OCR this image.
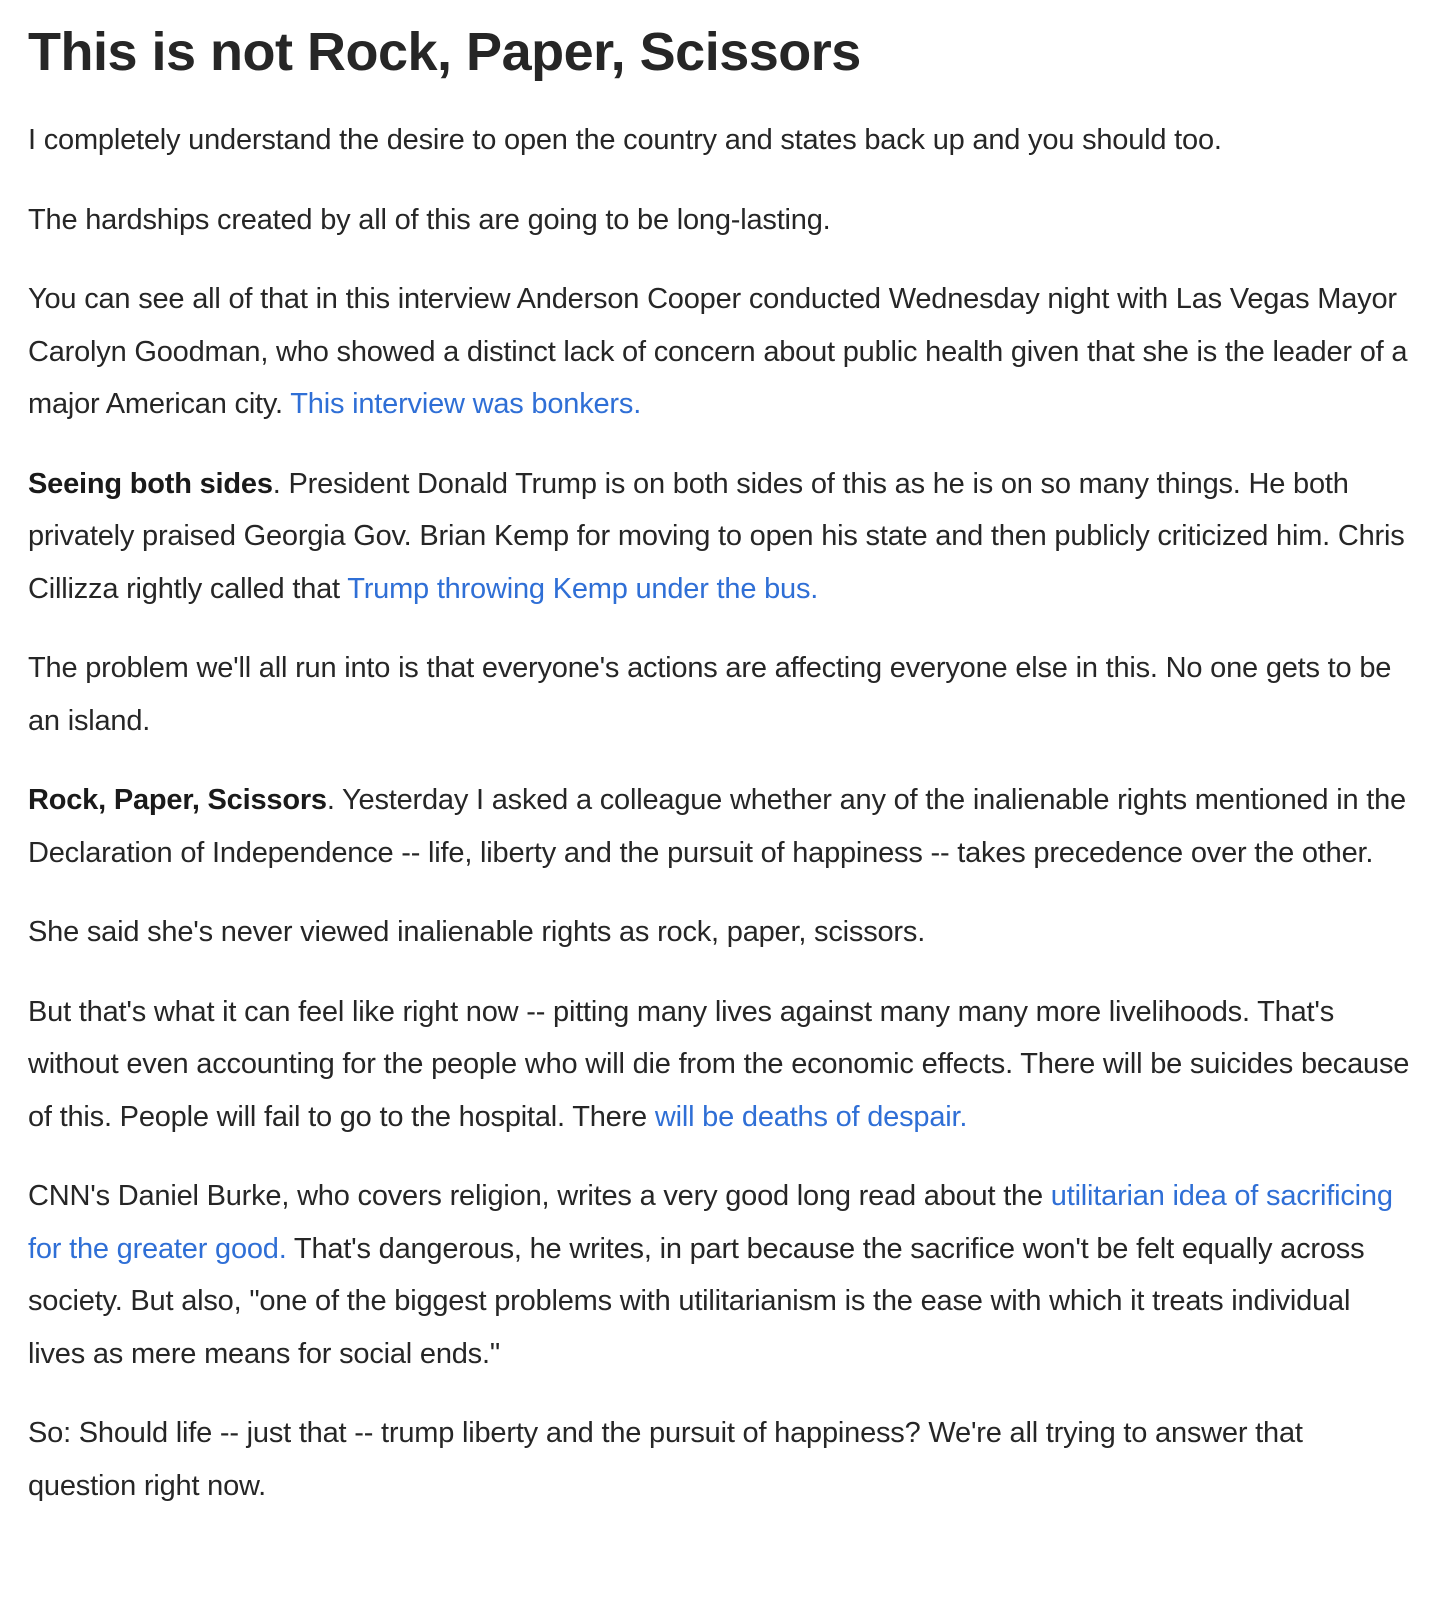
This is not Rock, Paper, Scissors

I completely understand the desire to open the country and states back up and you should too.

The hardships created by all of this are going to be long-lasting.

You can see all of that in this interview Anderson Cooper conducted Wednesday night with Las Vegas Mayor Carolyn Goodman, who showed a distinct lack of concern about public health given that she is the leader of a major American city. This interview was bonkers.

Seeing both sides. President Donald Trump is on both sides of this as he is on so many things. He both privately praised Georgia Gov. Brian Kemp for moving to open his state and then publicly criticized him. Chris Cillizza rightly called that Trump throwing Kemp under the bus.

The problem we'll all run into is that everyone's actions are affecting everyone else in this. No one gets to be an island.

Rock, Paper, Scissors. Yesterday I asked a colleague whether any of the inalienable rights mentioned in the Declaration of Independence -- life, liberty and the pursuit of happiness -- takes precedence over the other.

She said she's never viewed inalienable rights as rock, paper, scissors.

But that's what it can feel like right now -- pitting many lives against many many more livelihoods. That's without even accounting for the people who will die from the economic effects. There will be suicides because of this. People will fail to go to the hospital. There will be deaths of despair.

CNN's Daniel Burke, who covers religion, writes a very good long read about the utilitarian idea of sacrificing for the greater good. That's dangerous, he writes, in part because the sacrifice won't be felt equally across society. But also, "one of the biggest problems with utilitarianism is the ease with which it treats individual lives as mere means for social ends."

So: Should life -- just that -- trump liberty and the pursuit of happiness? We're all trying to answer that question right now.
